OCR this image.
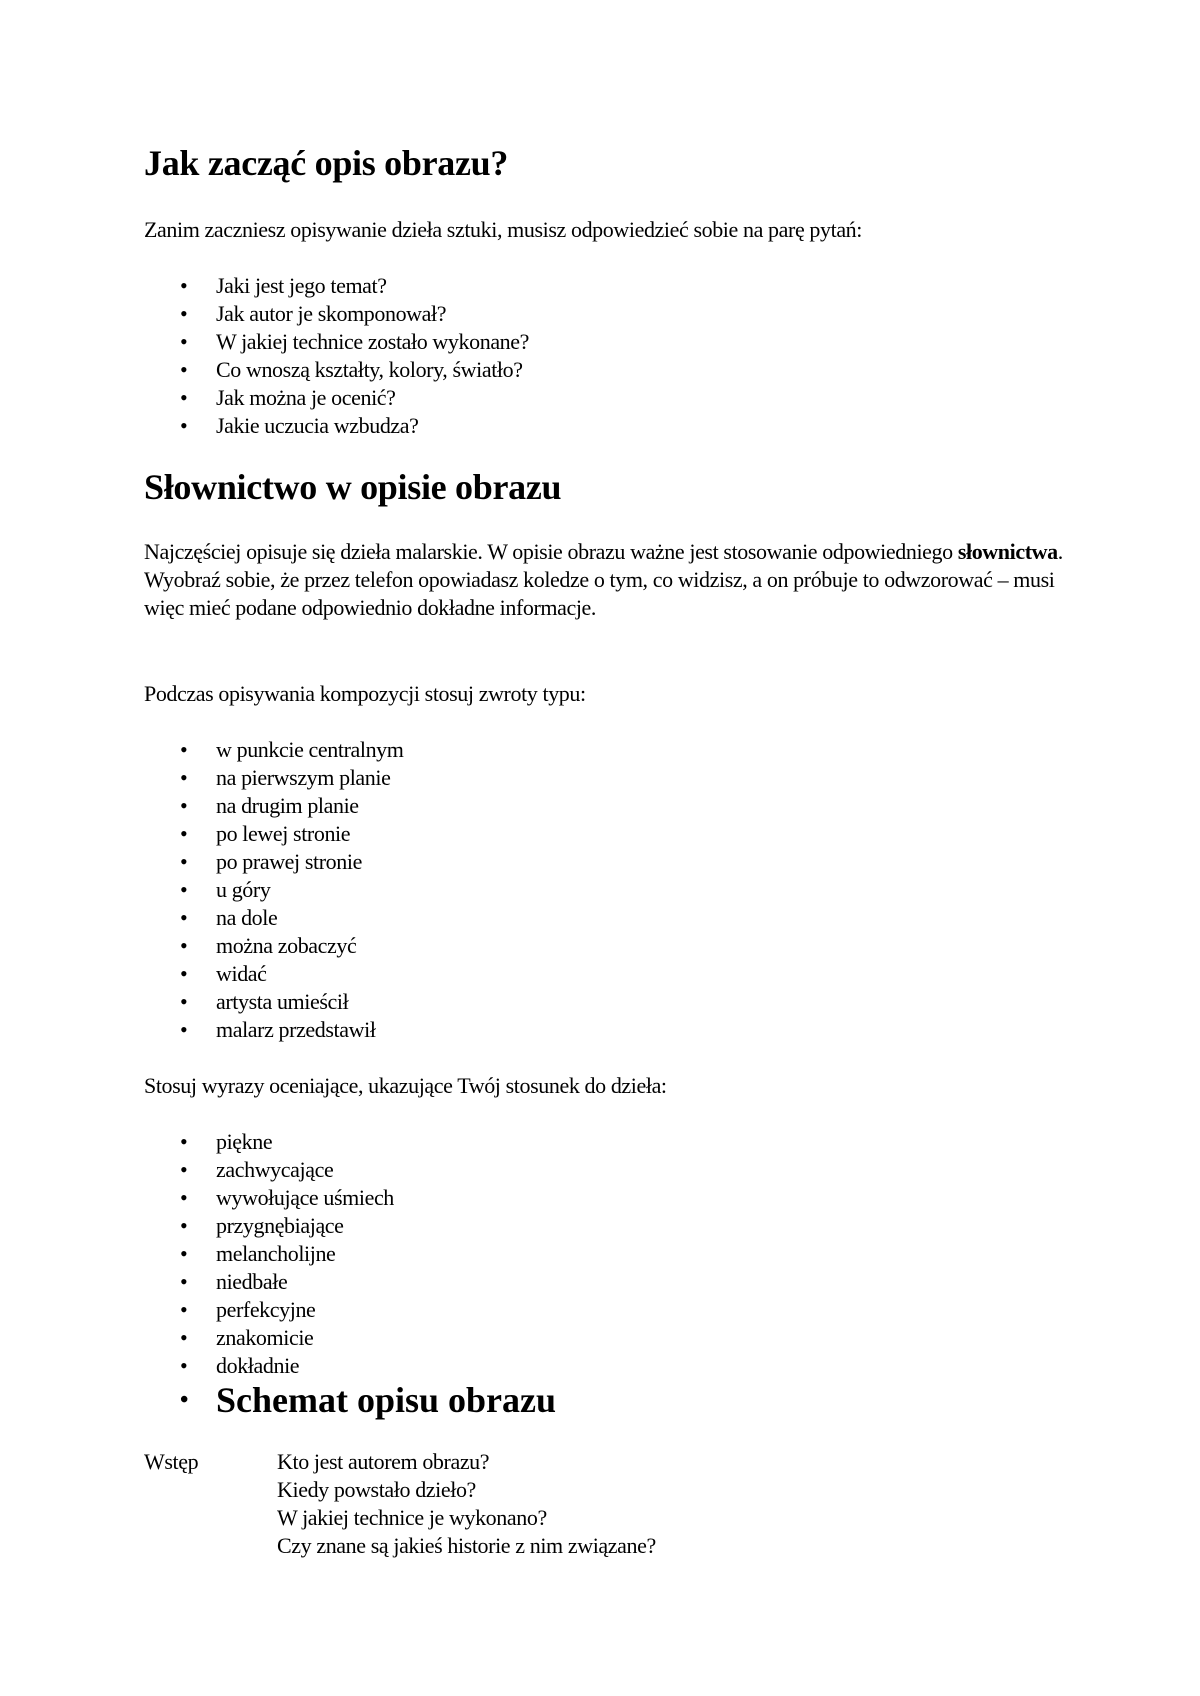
Jak zacząć opis obrazu?

Zanim zaczniesz opisywanie dzieła sztuki, musisz odpowiedzieć sobie na parę pytań:

• Jaki jest jego temat?
• Jak autor je skomponował?
• W jakiej technice zostało wykonane?
• Co wnoszą kształty, kolory, światło?
• Jak można je ocenić?
• Jakie uczucia wzbudza?
Słownictwo w opisie obrazu

Najczęściej opisuje się dzieła malarskie. W opisie obrazu ważne jest stosowanie odpowiedniego słownictwa. Wyobraź sobie, że przez telefon opowiadasz koledze o tym, co widzisz, a on próbuje to odwzorować – musi więc mieć podane odpowiednio dokładne informacje.

Podczas opisywania kompozycji stosuj zwroty typu:

• w punkcie centralnym
• na pierwszym planie
• na drugim planie
• po lewej stronie
• po prawej stronie
• u góry
• na dole
• można zobaczyć
• widać
• artysta umieścił
• malarz przedstawił

Stosuj wyrazy oceniające, ukazujące Twój stosunek do dzieła:

• piękne
• zachwycające
• wywołujące uśmiech
• przygnębiające
• melancholijne
• niedbałe
• perfekcyjne
• znakomicie
• dokładnie
• Schemat opisu obrazu
Wstęp	Kto jest autorem obrazu?
Kiedy powstało dzieło?
W jakiej technice je wykonano?
Czy znane są jakieś historie z nim związane?
